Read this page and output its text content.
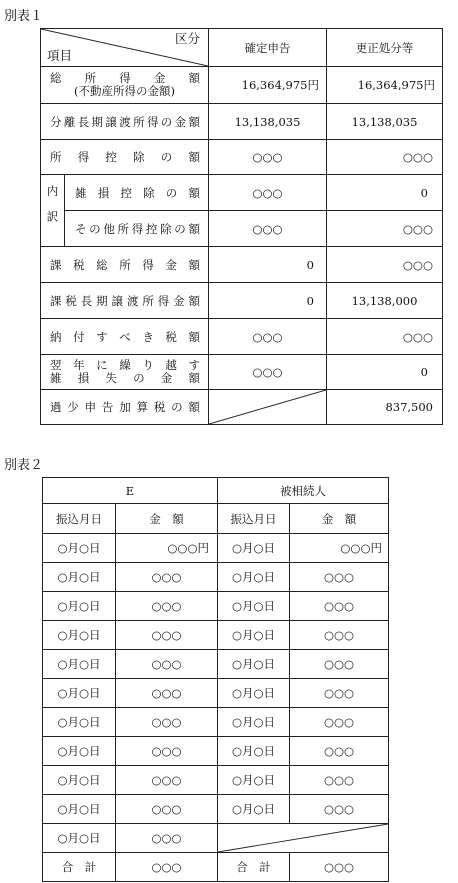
別表１
区分
項目		確定申告	更正処分等

総　所　得　金　額
(不動産所得の金額)		16,364,975円	16,364,975円
分離長期譲渡所得の金額		13,138,035	13,138,035
所　得　控　除　の　額		○○○	○○○

内訳	雑損控除の額	○○○	0
	その他所得控除の額	○○○	○○○
課　税　総　所　得　金　額		0	○○○
課税長期譲渡所得金額		0	13,138,000
納　付　す　べ　き　税　額		○○○	○○○

翌　年　に　繰　り　越　す
雑　損　失　の　金　額		○○○	0
過少申告加算税の額			837,500
別表２
E		被相続人	
振込月日	金　額	振込月日	金　額
○月○日	○○○円	○月○日	○○○円
○月○日	○○○	○月○日	○○○
○月○日	○○○	○月○日	○○○
○月○日	○○○	○月○日	○○○
○月○日	○○○	○月○日	○○○
○月○日	○○○	○月○日	○○○
○月○日	○○○	○月○日	○○○
○月○日	○○○	○月○日	○○○
○月○日	○○○	○月○日	○○○
○月○日	○○○	○月○日	○○○
○月○日	○○○	

合　計	○○○	合　計	○○○
